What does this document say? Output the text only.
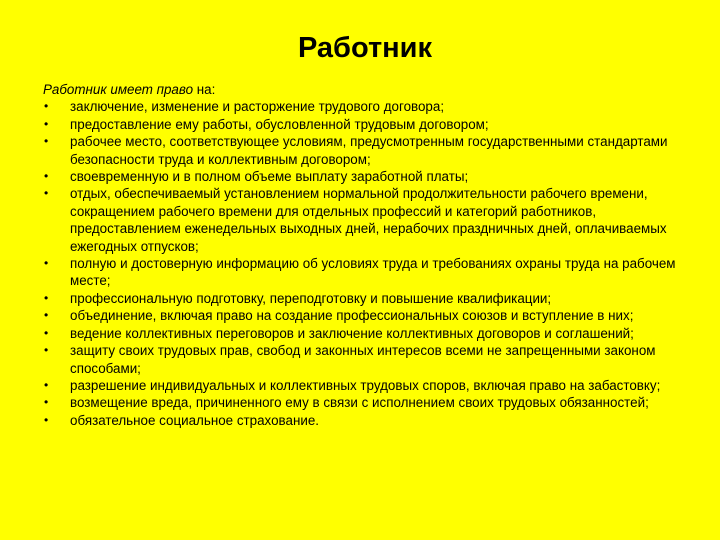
Работник

Работник имеет право на:

• заключение, изменение и расторжение трудового договора;
• предоставление ему работы, обусловленной трудовым договором;
• рабочее место, соответствующее условиям, предусмотренным государственными стандартами безопасности труда и коллективным договором;
• своевременную и в полном объеме выплату заработной платы;
• отдых, обеспечиваемый установлением нормальной продолжительности рабочего времени, сокращением рабочего времени для отдельных профессий и категорий работников, предоставлением еженедельных выходных дней, нерабочих праздничных дней, оплачиваемых ежегодных отпусков;
• полную и достоверную информацию об условиях труда и требованиях охраны труда на рабочем месте;
• профессиональную подготовку, переподготовку и повышение квалификации;
• объединение, включая право на создание профессиональных союзов и вступление в них;
• ведение коллективных переговоров и заключение коллективных договоров и соглашений;
• защиту своих трудовых прав, свобод и законных интересов всеми не запрещенными законом способами;
• разрешение индивидуальных и коллективных трудовых споров, включая право на забастовку;
• возмещение вреда, причиненного ему в связи с исполнением своих трудовых обязанностей;
• обязательное социальное страхование.
